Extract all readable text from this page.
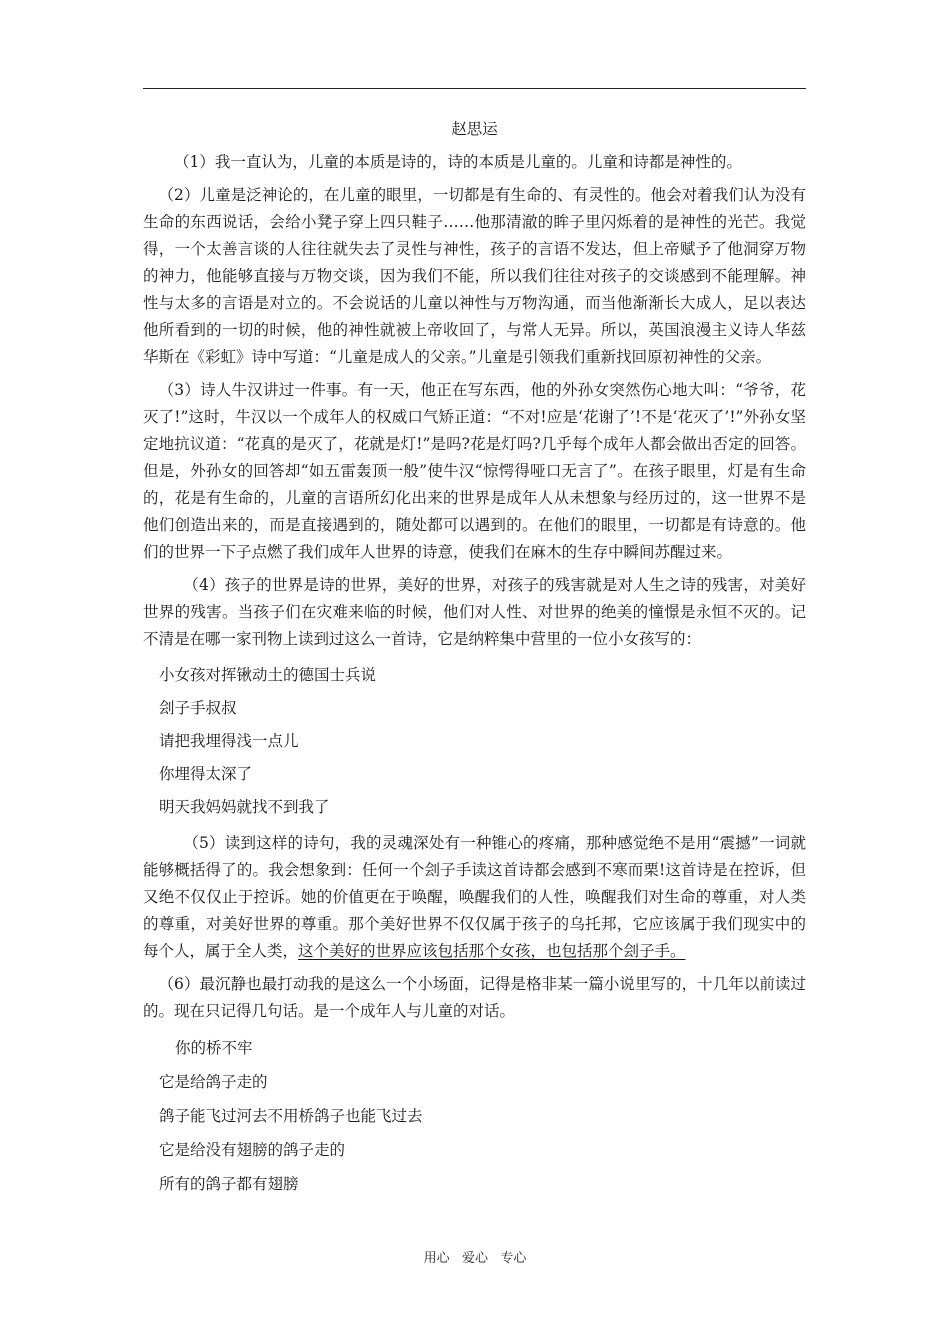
赵思运

（1）我一直认为，儿童的本质是诗的，诗的本质是儿童的。儿童和诗都是神性的。

（2）儿童是泛神论的，在儿童的眼里，一切都是有生命的、有灵性的。他会对着我们认为没有生命的东西说话，会给小凳子穿上四只鞋子……他那清澈的眸子里闪烁着的是神性的光芒。我觉得，一个太善言谈的人往往就失去了灵性与神性，孩子的言语不发达，但上帝赋予了他洞穿万物的神力，他能够直接与万物交谈，因为我们不能，所以我们往往对孩子的交谈感到不能理解。神性与太多的言语是对立的。不会说话的儿童以神性与万物沟通，而当他渐渐长大成人，足以表达他所看到的一切的时候，他的神性就被上帝收回了，与常人无异。所以，英国浪漫主义诗人华兹华斯在《彩虹》诗中写道：“儿童是成人的父亲。”儿童是引领我们重新找回原初神性的父亲。

（3）诗人牛汉讲过一件事。有一天，他正在写东西，他的外孙女突然伤心地大叫：“爷爷，花灭了!”这时，牛汉以一个成年人的权威口气矫正道：“不对!应是‘花谢了’!不是‘花灭了’!”外孙女坚定地抗议道：“花真的是灭了，花就是灯!”是吗?花是灯吗?几乎每个成年人都会做出否定的回答。但是，外孙女的回答却“如五雷轰顶一般”使牛汉“惊愕得哑口无言了”。在孩子眼里，灯是有生命的，花是有生命的，儿童的言语所幻化出来的世界是成年人从未想象与经历过的，这一世界不是他们创造出来的，而是直接遇到的，随处都可以遇到的。在他们的眼里，一切都是有诗意的。他们的世界一下子点燃了我们成年人世界的诗意，使我们在麻木的生存中瞬间苏醒过来。

（4）孩子的世界是诗的世界，美好的世界，对孩子的残害就是对人生之诗的残害，对美好世界的残害。当孩子们在灾难来临的时候，他们对人性、对世界的绝美的憧憬是永恒不灭的。记不清是在哪一家刊物上读到过这么一首诗，它是纳粹集中营里的一位小女孩写的：

小女孩对挥锹动土的德国士兵说
刽子手叔叔
请把我埋得浅一点儿
你埋得太深了
明天我妈妈就找不到我了

（5）读到这样的诗句，我的灵魂深处有一种锥心的疼痛，那种感觉绝不是用“震撼”一词就能够概括得了的。我会想象到：任何一个刽子手读这首诗都会感到不寒而栗!这首诗是在控诉，但又绝不仅仅止于控诉。她的价值更在于唤醒，唤醒我们的人性，唤醒我们对生命的尊重，对人类的尊重，对美好世界的尊重。那个美好世界不仅仅属于孩子的乌托邦，它应该属于我们现实中的每个人，属于全人类，这个美好的世界应该包括那个女孩，也包括那个刽子手。

（6）最沉静也最打动我的是这么一个小场面，记得是格非某一篇小说里写的，十几年以前读过的。现在只记得几句话。是一个成年人与儿童的对话。

你的桥不牢
它是给鸽子走的
鸽子能飞过河去不用桥鸽子也能飞过去
它是给没有翅膀的鸽子走的
所有的鸽子都有翅膀
用心   爱心   专心
